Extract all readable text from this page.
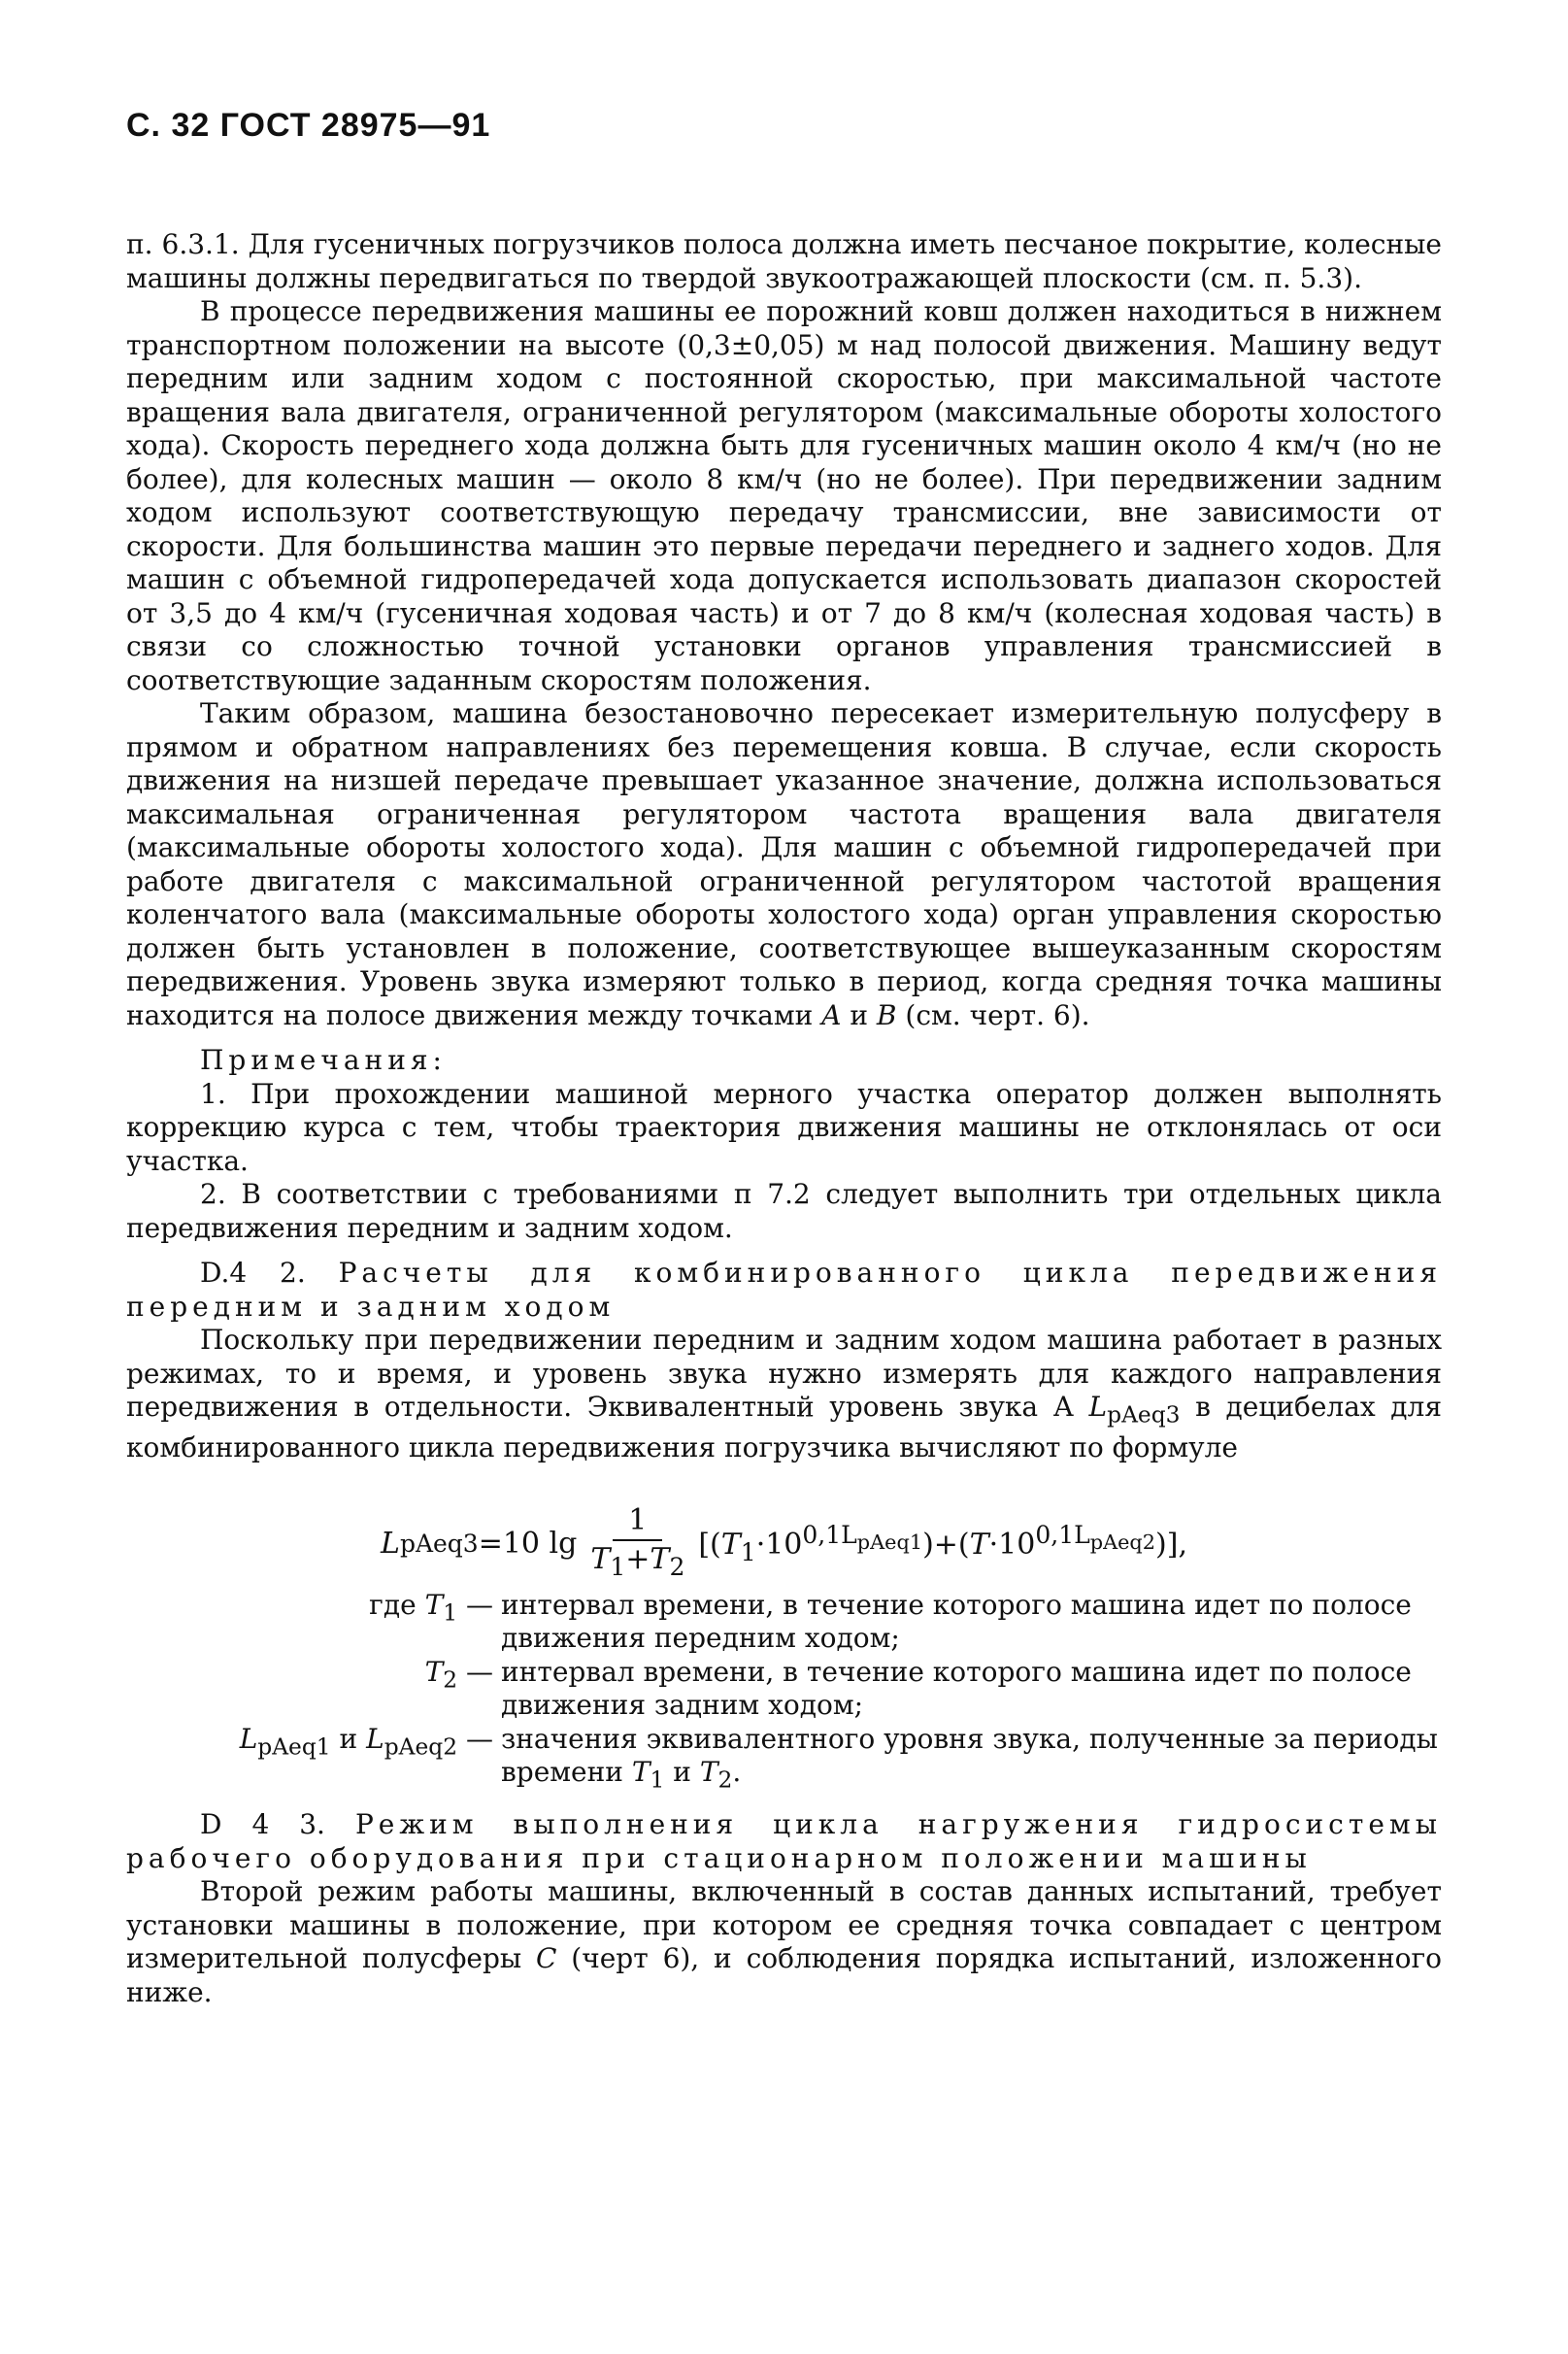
С. 32 ГОСТ 28975—91

п. 6.3.1. Для гусеничных погрузчиков полоса должна иметь песчаное покрытие, колесные машины должны передвигаться по твердой звукоотражающей плоскости (см. п. 5.3).

В процессе передвижения машины ее порожний ковш должен находиться в нижнем транспортном положении на высоте (0,3±0,05) м над полосой движения. Машину ведут передним или задним ходом с постоянной скоростью, при максимальной частоте вращения вала двигателя, ограниченной регулятором (максимальные обороты холостого хода). Скорость переднего хода должна быть для гусеничных машин около 4 км/ч (но не более), для колесных машин — около 8 км/ч (но не более). При передвижении задним ходом используют соответствующую передачу трансмиссии, вне зависимости от скорости. Для большинства машин это первые передачи переднего и заднего ходов. Для машин с объемной гидропередачей хода допускается использовать диапазон скоростей от 3,5 до 4 км/ч (гусеничная ходовая часть) и от 7 до 8 км/ч (колесная ходовая часть) в связи со сложностью точной установки органов управления трансмиссией в соответствующие заданным скоростям положения.

Таким образом, машина безостановочно пересекает измерительную полусферу в прямом и обратном направлениях без перемещения ковша. В случае, если скорость движения на низшей передаче превышает указанное значение, должна использоваться максимальная ограниченная регулятором частота вращения вала двигателя (максимальные обороты холостого хода). Для машин с объемной гидропередачей при работе двигателя с максимальной ограниченной регулятором частотой вращения коленчатого вала (максимальные обороты холостого хода) орган управления скоростью должен быть установлен в положение, соответствующее вышеуказанным скоростям передвижения. Уровень звука измеряют только в период, когда средняя точка машины находится на полосе движения между точками A и B (см. черт. 6).

Примечания:

1. При прохождении машиной мерного участка оператор должен выполнять коррекцию курса с тем, чтобы траектория движения машины не отклонялась от оси участка.

2. В соответствии с требованиями п 7.2 следует выполнить три отдельных цикла передвижения передним и задним ходом.

D.4 2. Расчеты для комбинированного цикла передвижения передним и задним ходом

Поскольку при передвижении передним и задним ходом машина работает в разных режимах, то и время, и уровень звука нужно измерять для каждого направления передвижения в отдельности. Эквивалентный уровень звука А $L_{pAeq3}$ в децибелах для комбинированного цикла передвижения погрузчика вычисляют по формуле

L pAeq3 =10 $\lg \frac{1}{T_1+T_2} [(T_1\cdot 10^{0,1L_{pAeq1}})+(T\cdot 10^{0,1L_{pAeq2}})]$,
где $T_1$ — интервал времени, в течение которого машина идет по полосе движения передним ходом;
$T_2$ — интервал времени, в течение которого машина идет по полосе движения задним ходом;
$L_{pAeq1}$ и $L_{pAeq2}$ — значения эквивалентного уровня звука, полученные за периоды времени $T_1$ и $T_2$.

D 4 3. Режим выполнения цикла нагружения гидросистемы рабочего оборудования при стационарном положении машины

Второй режим работы машины, включенный в состав данных испытаний, требует установки машины в положение, при котором ее средняя точка совпадает с центром измерительной полусферы C (черт 6), и соблюдения порядка испытаний, изложенного ниже.
